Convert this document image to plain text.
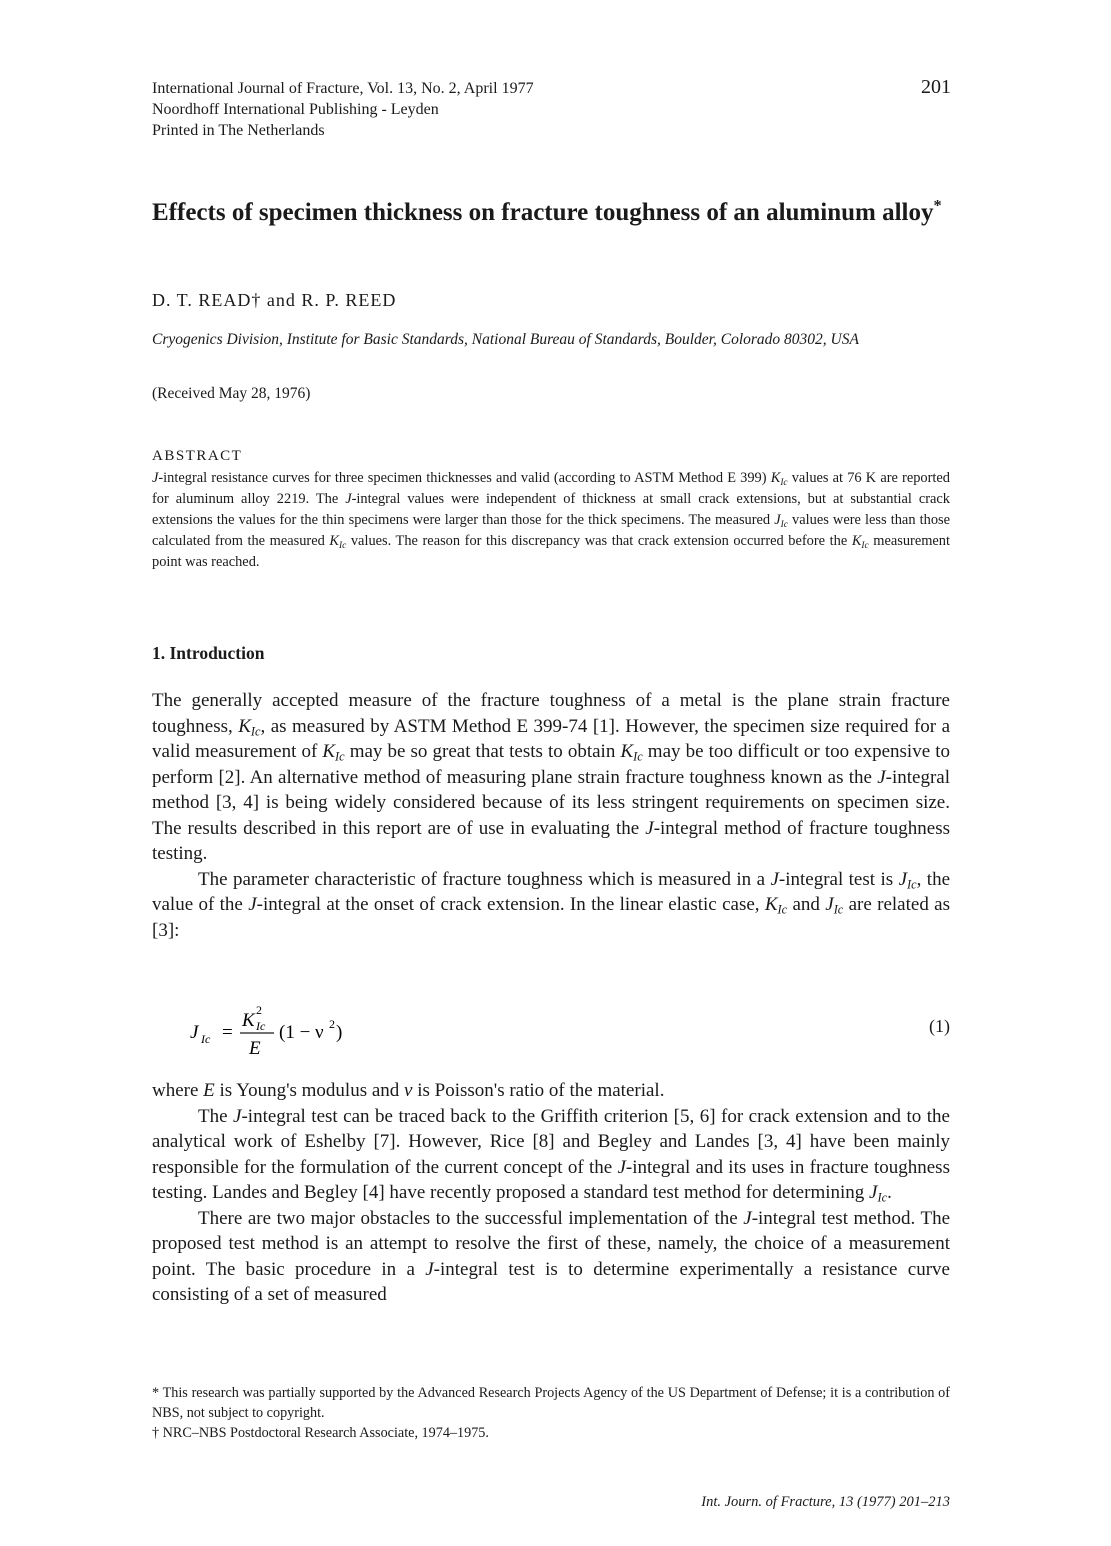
International Journal of Fracture, Vol. 13, No. 2, April 1977
Noordhoff International Publishing - Leyden
Printed in The Netherlands
201
Effects of specimen thickness on fracture toughness of an aluminum alloy*
D. T. READ† and R. P. REED
Cryogenics Division, Institute for Basic Standards, National Bureau of Standards, Boulder, Colorado 80302, USA
(Received May 28, 1976)
ABSTRACT

J-integral resistance curves for three specimen thicknesses and valid (according to ASTM Method E 399) $K_{Ic}$ values at 76 K are reported for aluminum alloy 2219. The J-integral values were independent of thickness at small crack extensions, but at substantial crack extensions the values for the thin specimens were larger than those for the thick specimens. The measured $J_{Ic}$ values were less than those calculated from the measured $K_{Ic}$ values. The reason for this discrepancy was that crack extension occurred before the $K_{Ic}$ measurement point was reached.

1. Introduction

The generally accepted measure of the fracture toughness of a metal is the plane strain fracture toughness, $K_{Ic}$, as measured by ASTM Method E 399-74 [1]. However, the specimen size required for a valid measurement of $K_{Ic}$ may be so great that tests to obtain $K_{Ic}$ may be too difficult or too expensive to perform [2]. An alternative method of measuring plane strain fracture toughness known as the J-integral method [3, 4] is being widely considered because of its less stringent requirements on specimen size. The results described in this report are of use in evaluating the J-integral method of fracture toughness testing.

The parameter characteristic of fracture toughness which is measured in a J-integral test is $J_{Ic}$, the value of the J-integral at the onset of crack extension. In the linear elastic case, $K_{Ic}$ and $J_{Ic}$ are related as [3]:

J Ic =
K 2
Ic
E
(1 − ν 2 )	(1)

where E is Young's modulus and ν is Poisson's ratio of the material.

The J-integral test can be traced back to the Griffith criterion [5, 6] for crack extension and to the analytical work of Eshelby [7]. However, Rice [8] and Begley and Landes [3, 4] have been mainly responsible for the formulation of the current concept of the J-integral and its uses in fracture toughness testing. Landes and Begley [4] have recently proposed a standard test method for determining $J_{Ic}$.

There are two major obstacles to the successful implementation of the J-integral test method. The proposed test method is an attempt to resolve the first of these, namely, the choice of a measurement point. The basic procedure in a J-integral test is to determine experimentally a resistance curve consisting of a set of measured

* This research was partially supported by the Advanced Research Projects Agency of the US Department of Defense; it is a contribution of NBS, not subject to copyright.

† NRC–NBS Postdoctoral Research Associate, 1974–1975.

Int. Journ. of Fracture, 13 (1977) 201–213
